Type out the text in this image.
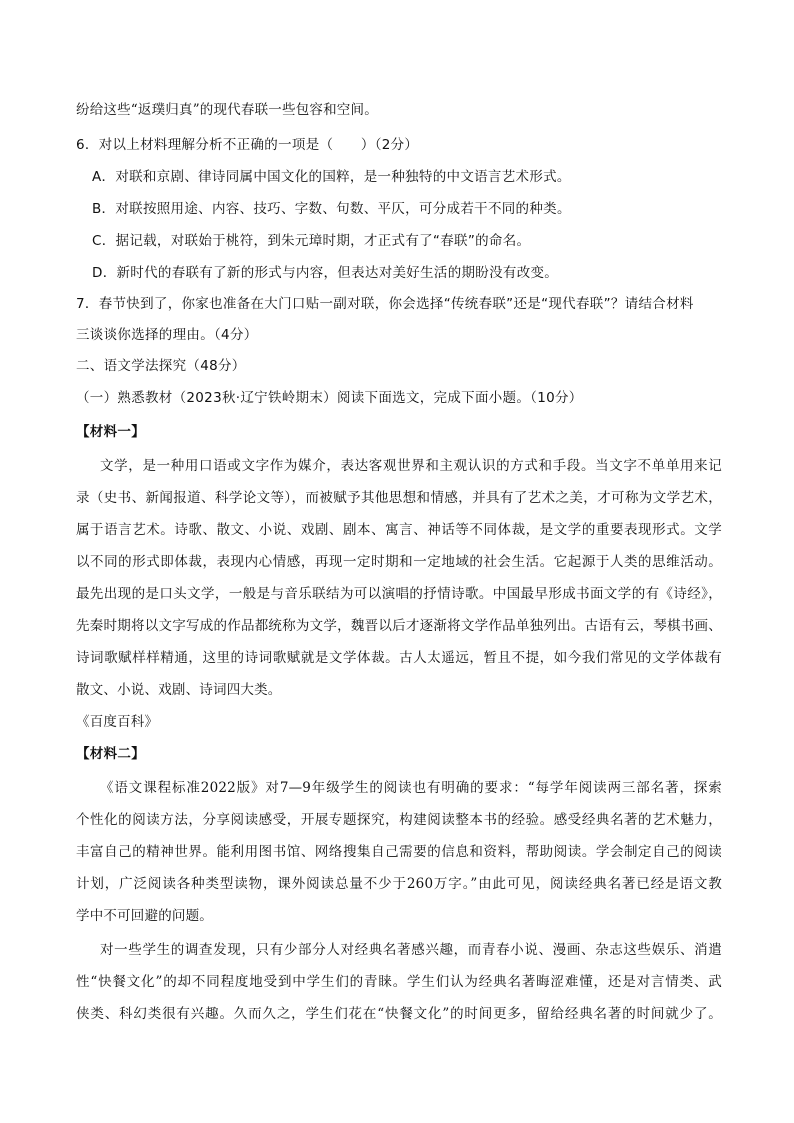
纷给这些“返璞归真”的现代春联一些包容和空间。
6．对以上材料理解分析不正确的一项是（　　）（2分）
A．对联和京剧、律诗同属中国文化的国粹，是一种独特的中文语言艺术形式。
B．对联按照用途、内容、技巧、字数、句数、平仄，可分成若干不同的种类。
C．据记载，对联始于桃符，到朱元璋时期，才正式有了“春联”的命名。
D．新时代的春联有了新的形式与内容，但表达对美好生活的期盼没有改变。
7．春节快到了，你家也准备在大门口贴一副对联，你会选择“传统春联”还是“现代春联”？请结合材料
三谈谈你选择的理由。（4分）
二、语文学法探究（48分）
（一）熟悉教材（2023秋·辽宁铁岭期末）阅读下面选文，完成下面小题。（10分）
【材料一】
文学，是一种用口语或文字作为媒介，表达客观世界和主观认识的方式和手段。当文字不单单用来记
录（史书、新闻报道、科学论文等），而被赋予其他思想和情感，并具有了艺术之美，才可称为文学艺术，
属于语言艺术。诗歌、散文、小说、戏剧、剧本、寓言、神话等不同体裁，是文学的重要表现形式。文学
以不同的形式即体裁，表现内心情感，再现一定时期和一定地域的社会生活。它起源于人类的思维活动。
最先出现的是口头文学，一般是与音乐联结为可以演唱的抒情诗歌。中国最早形成书面文学的有《诗经》，
先秦时期将以文字写成的作品都统称为文学，魏晋以后才逐渐将文学作品单独列出。古语有云，琴棋书画、
诗词歌赋样样精通，这里的诗词歌赋就是文学体裁。古人太遥远，暂且不提，如今我们常见的文学体裁有
散文、小说、戏剧、诗词四大类。
《百度百科》
【材料二】
《语文课程标准2022版》对7—9年级学生的阅读也有明确的要求：“每学年阅读两三部名著，探索
个性化的阅读方法，分享阅读感受，开展专题探究，构建阅读整本书的经验。感受经典名著的艺术魅力，
丰富自己的精神世界。能利用图书馆、网络搜集自己需要的信息和资料，帮助阅读。学会制定自己的阅读
计划，广泛阅读各种类型读物，课外阅读总量不少于260万字。”由此可见，阅读经典名著已经是语文教
学中不可回避的问题。
对一些学生的调查发现，只有少部分人对经典名著感兴趣，而青春小说、漫画、杂志这些娱乐、消遣
性“快餐文化”的却不同程度地受到中学生们的青睐。学生们认为经典名著晦涩难懂，还是对言情类、武
侠类、科幻类很有兴趣。久而久之，学生们花在“快餐文化”的时间更多，留给经典名著的时间就少了。
